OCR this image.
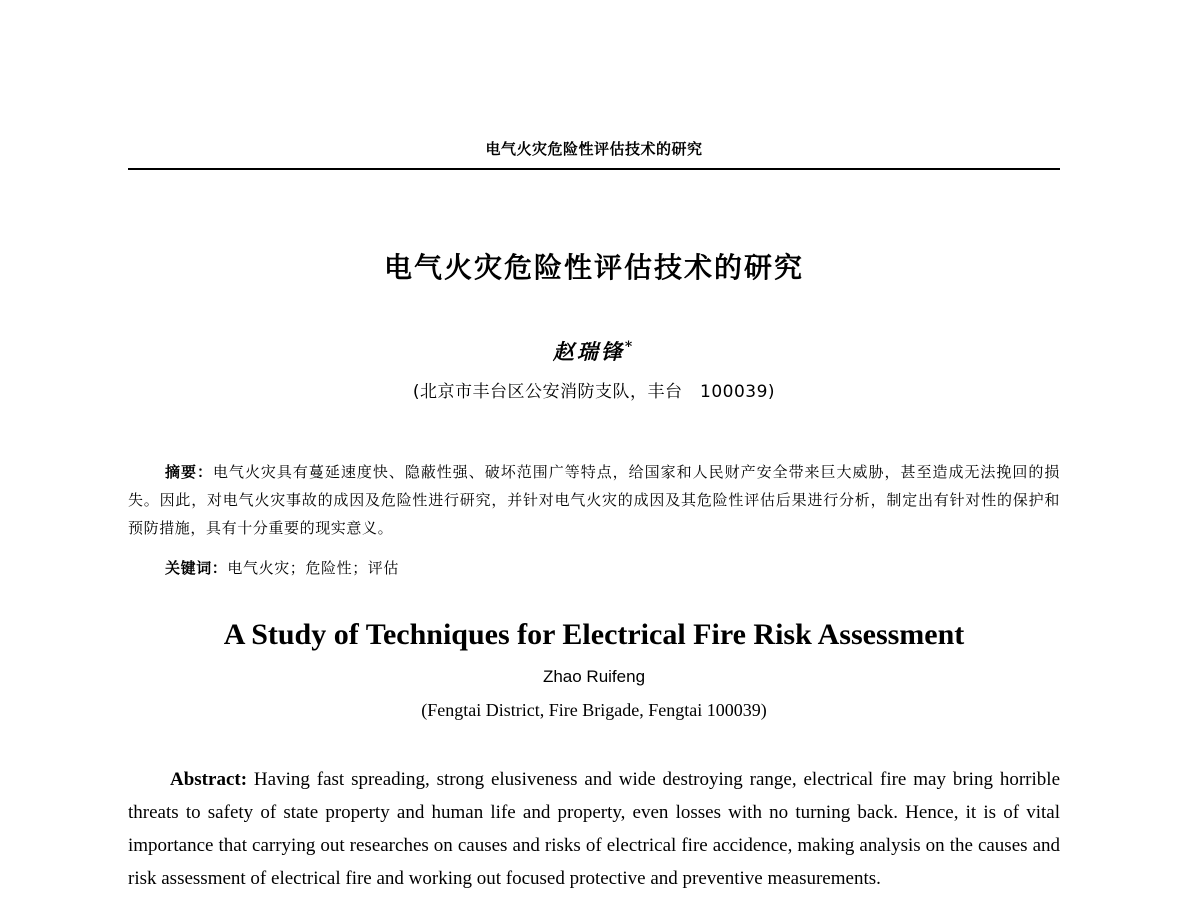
电气火灾危险性评估技术的研究
电气火灾危险性评估技术的研究
赵瑞锋*
(北京市丰台区公安消防支队，丰台　100039)
摘要：电气火灾具有蔓延速度快、隐蔽性强、破坏范围广等特点，给国家和人民财产安全带来巨大威胁，甚至造成无法挽回的损失。因此，对电气火灾事故的成因及危险性进行研究，并针对电气火灾的成因及其危险性评估后果进行分析，制定出有针对性的保护和预防措施，具有十分重要的现实意义。
关键词：电气火灾；危险性；评估
A Study of Techniques for Electrical Fire Risk Assessment
Zhao Ruifeng
(Fengtai District, Fire Brigade, Fengtai 100039)
Abstract: Having fast spreading, strong elusiveness and wide destroying range, electrical fire may bring horrible threats to safety of state property and human life and property, even losses with no turning back. Hence, it is of vital importance that carrying out researches on causes and risks of electrical fire accidence, making analysis on the causes and risk assessment of electrical fire and working out focused protective and preventive measurements.
